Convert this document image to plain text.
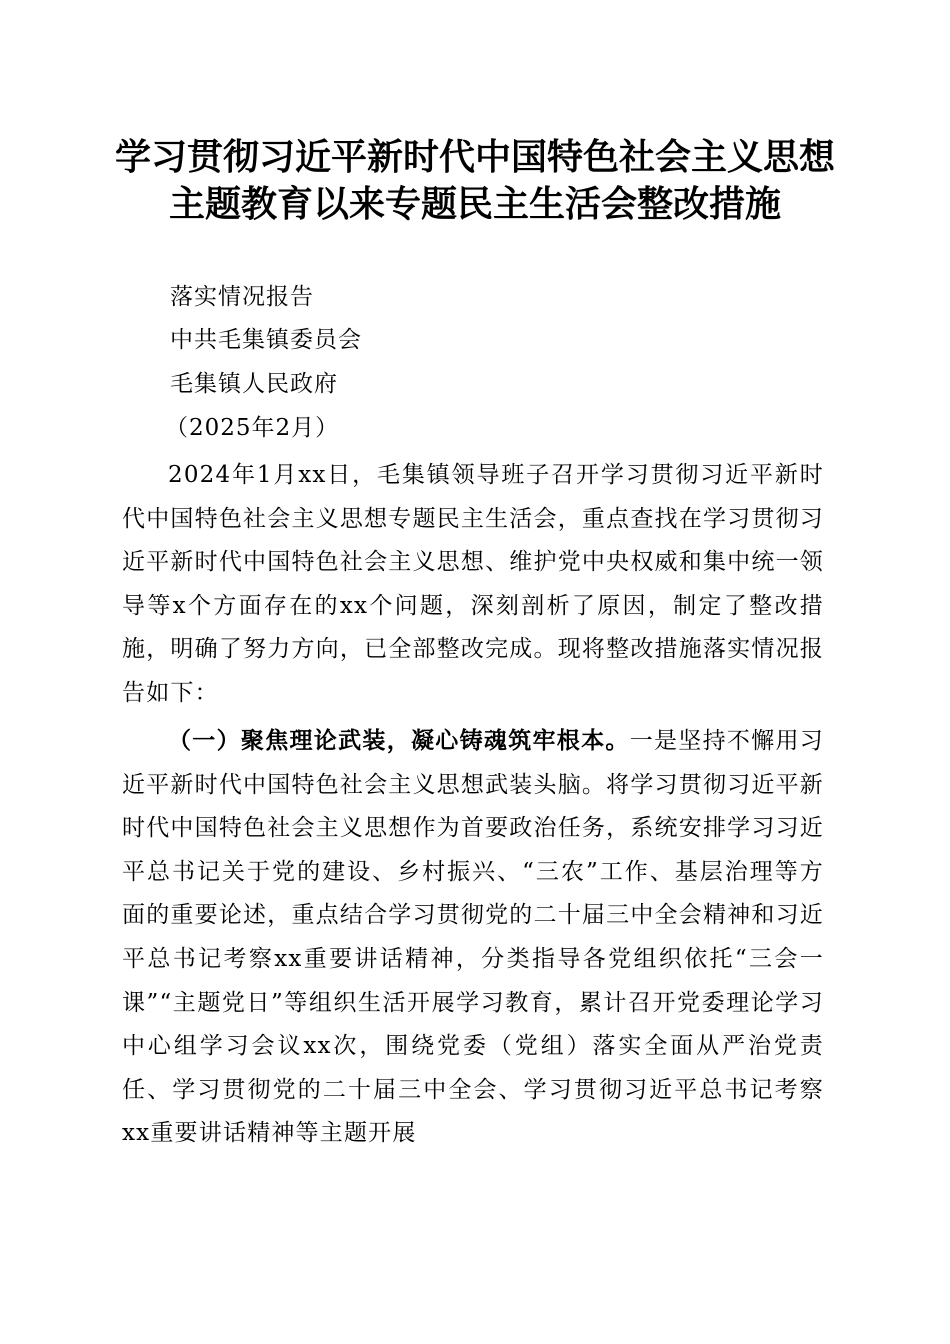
学习贯彻习近平新时代中国特色社会主义思想
主题教育以来专题民主生活会整改措施
落实情况报告
中共毛集镇委员会
毛集镇人民政府
（2025年2月）

2024年1月xx日，毛集镇领导班子召开学习贯彻习近平新时代中国特色社会主义思想专题民主生活会，重点查找在学习贯彻习近平新时代中国特色社会主义思想、维护党中央权威和集中统一领导等x个方面存在的xx个问题，深刻剖析了原因，制定了整改措施，明确了努力方向，已全部整改完成。现将整改措施落实情况报告如下：

（一）聚焦理论武装，凝心铸魂筑牢根本。一是坚持不懈用习近平新时代中国特色社会主义思想武装头脑。将学习贯彻习近平新时代中国特色社会主义思想作为首要政治任务，系统安排学习习近平总书记关于党的建设、乡村振兴、“三农”工作、基层治理等方面的重要论述，重点结合学习贯彻党的二十届三中全会精神和习近平总书记考察xx重要讲话精神，分类指导各党组织依托“三会一课”“主题党日”等组织生活开展学习教育，累计召开党委理论学习中心组学习会议xx次，围绕党委（党组）落实全面从严治党责任、学习贯彻党的二十届三中全会、学习贯彻习近平总书记考察xx重要讲话精神等主题开展
